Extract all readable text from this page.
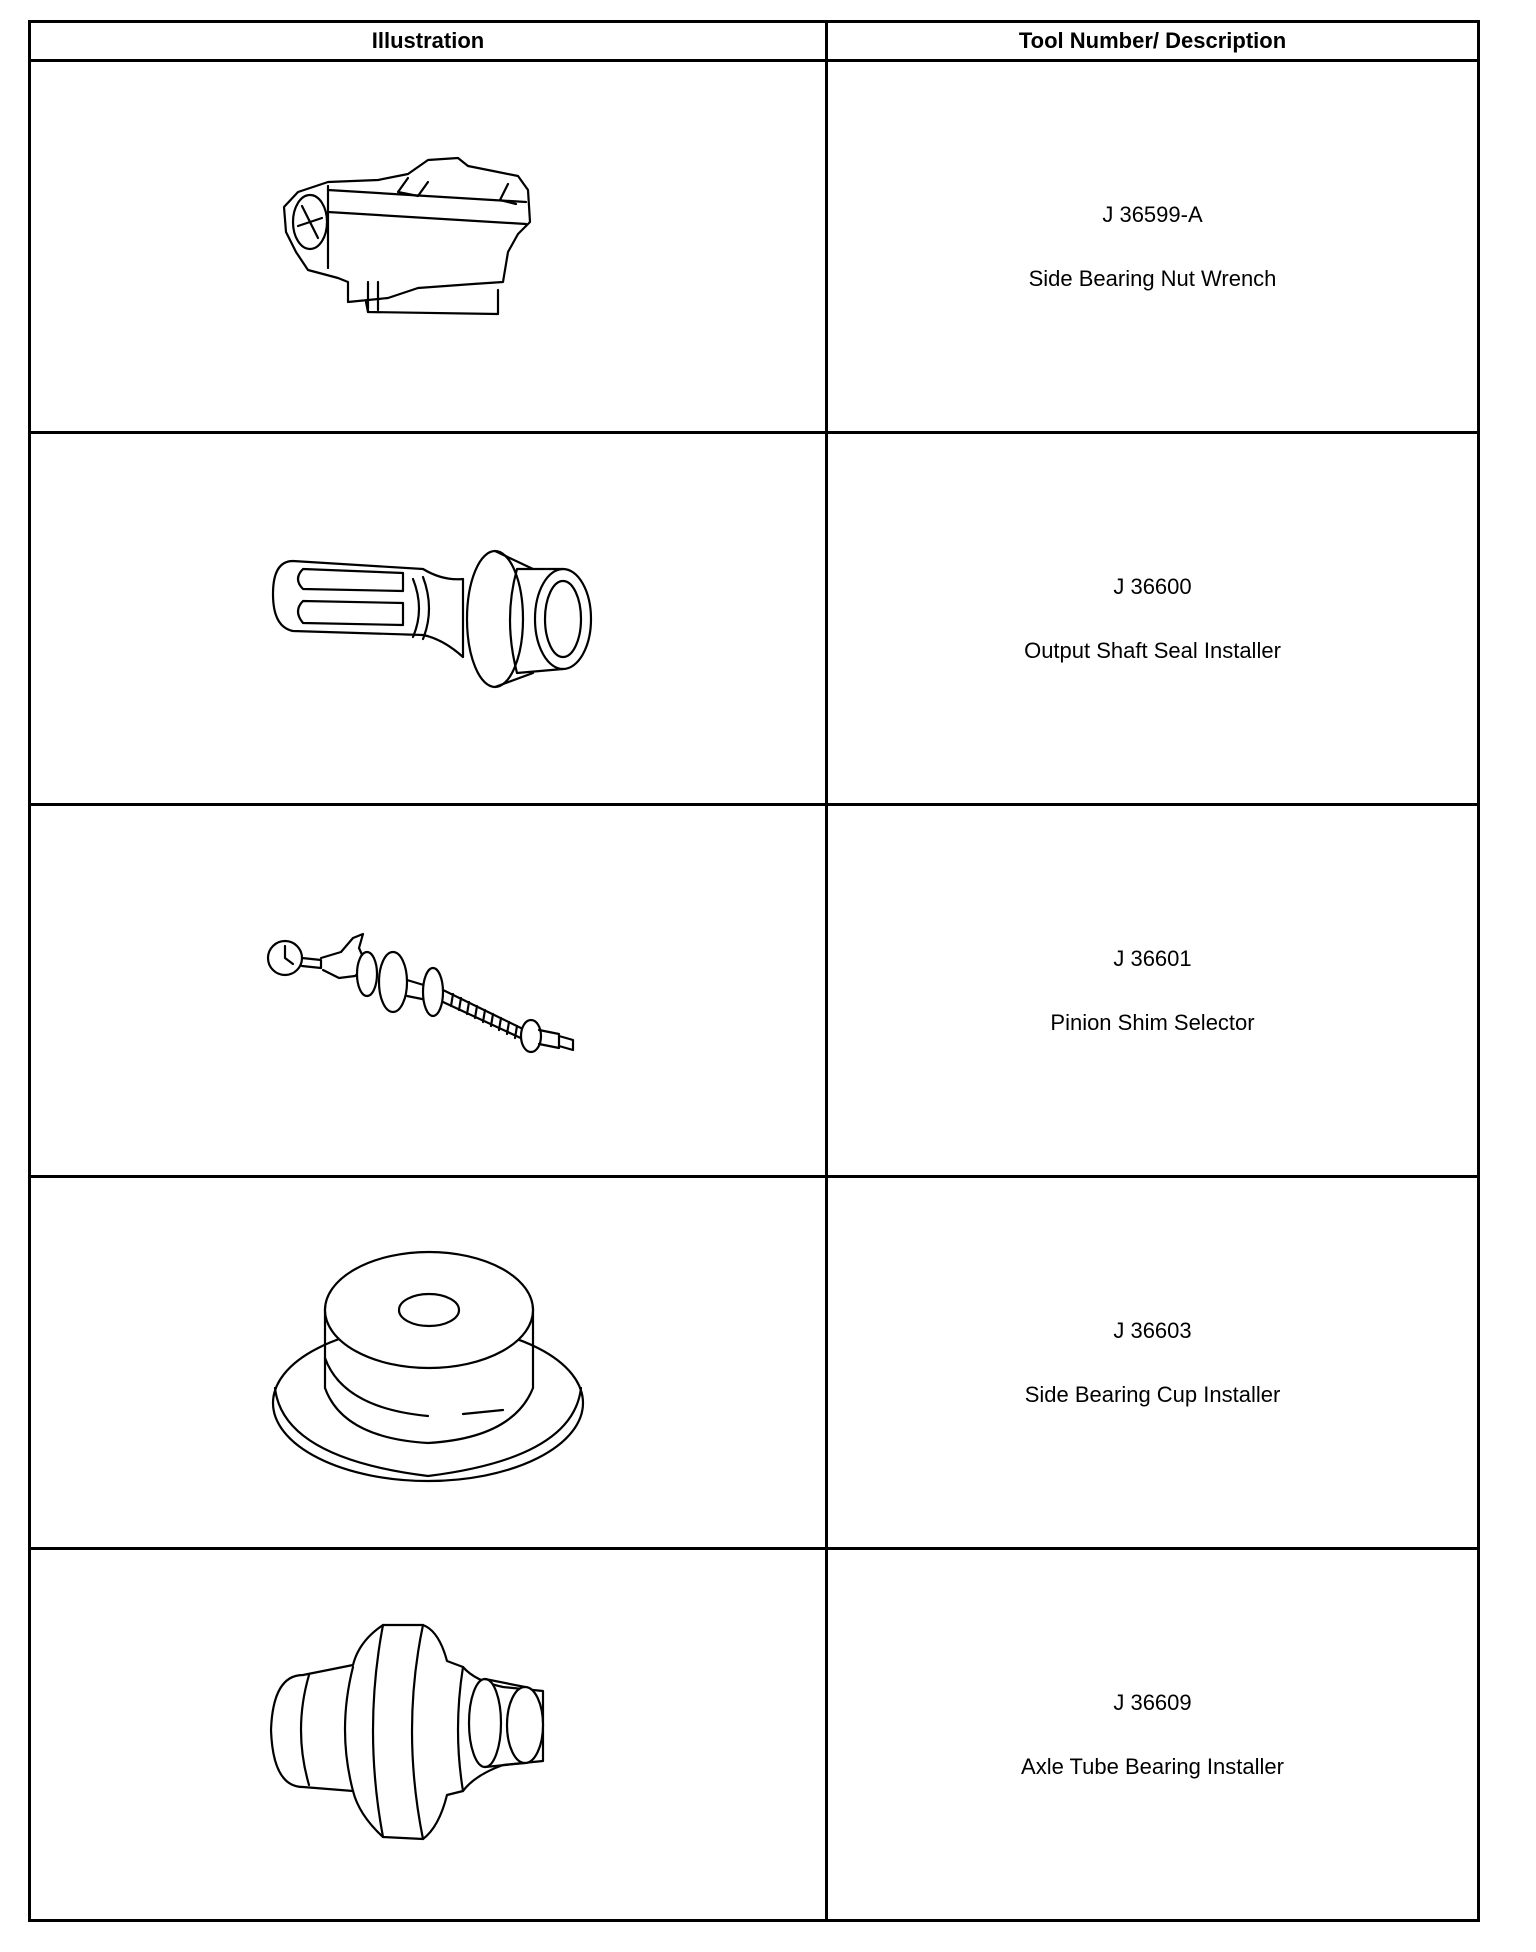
Illustration	Tool Number/ Description

J 36599-A
Side Bearing Nut Wrench

J 36600
Output Shaft Seal Installer

J 36601
Pinion Shim Selector

J 36603
Side Bearing Cup Installer

J 36609
Axle Tube Bearing Installer
